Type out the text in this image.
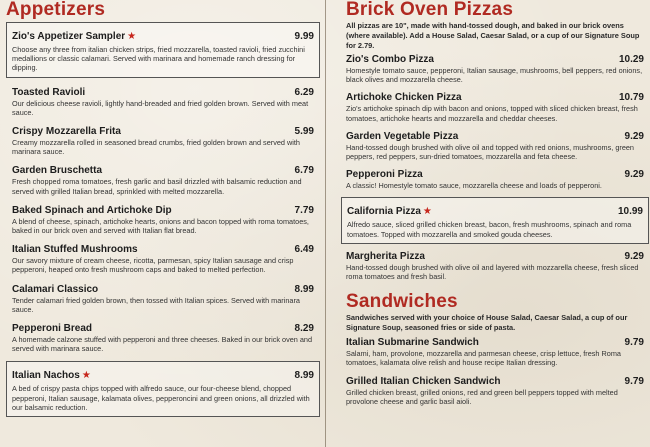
Appetizers
Zio's Appetizer Sampler ★	9.99
Choose any three from italian chicken strips, fried mozzarella, toasted ravioli, fried zucchini medallions or classic calamari. Served with marinara and homemade ranch dressing for dipping.
Toasted Ravioli	6.29
Our delicious cheese ravioli, lightly hand-breaded and fried golden brown. Served with meat sauce.
Crispy Mozzarella Frita	5.99
Creamy mozzarella rolled in seasoned bread crumbs, fried golden brown and served with marinara sauce.
Garden Bruschetta	6.79
Fresh chopped roma tomatoes, fresh garlic and basil drizzled with balsamic reduction and served with grilled Italian bread, sprinkled with melted mozzarella.
Baked Spinach and Artichoke Dip	7.79
A blend of cheese, spinach, artichoke hearts, onions and bacon topped with roma tomatoes, baked in our brick oven and served with Italian flat bread.
Italian Stuffed Mushrooms	6.49
Our savory mixture of cream cheese, ricotta, parmesan, spicy Italian sausage and crisp pepperoni, heaped onto fresh mushroom caps and baked to melted perfection.
Calamari Classico	8.99
Tender calamari fried golden brown, then tossed with Italian spices. Served with marinara sauce.
Pepperoni Bread	8.29
A homemade calzone stuffed with pepperoni and three cheeses. Baked in our brick oven and served with marinara sauce.
Italian Nachos ★	8.99
A bed of crispy pasta chips topped with alfredo sauce, our four-cheese blend, chopped pepperoni, Italian sausage, kalamata olives, pepperoncini and green onions, all drizzled with our balsamic reduction.
Brick Oven Pizzas

All pizzas are 10", made with hand-tossed dough, and baked in our brick ovens (where available). Add a House Salad, Caesar Salad, or a cup of our Signature Soup for 2.79.

Zio's Combo Pizza	10.29
Homestyle tomato sauce, pepperoni, Italian sausage, mushrooms, bell peppers, red onions, black olives and mozzarella cheese.
Artichoke Chicken Pizza	10.79
Zio's artichoke spinach dip with bacon and onions, topped with sliced chicken breast, fresh tomatoes, artichoke hearts and mozzarella and cheddar cheeses.
Garden Vegetable Pizza	9.29
Hand-tossed dough brushed with olive oil and topped with red onions, mushrooms, green peppers, red peppers, sun-dried tomatoes, mozzarella and feta cheese.
Pepperoni Pizza	9.29
A classic! Homestyle tomato sauce, mozzarella cheese and loads of pepperoni.
California Pizza ★	10.99
Alfredo sauce, sliced grilled chicken breast, bacon, fresh mushrooms, spinach and roma tomatoes. Topped with mozzarella and smoked gouda cheeses.
Margherita Pizza	9.29
Hand-tossed dough brushed with olive oil and layered with mozzarella cheese, fresh sliced roma tomatoes and fresh basil.
Sandwiches

Sandwiches served with your choice of House Salad, Caesar Salad, a cup of our Signature Soup, seasoned fries or side of pasta.

Italian Submarine Sandwich	9.79
Salami, ham, provolone, mozzarella and parmesan cheese, crisp lettuce, fresh Roma tomatoes, kalamata olive relish and house recipe Italian dressing.
Grilled Italian Chicken Sandwich	9.79
Grilled chicken breast, grilled onions, red and green bell peppers topped with melted provolone cheese and garlic basil aioli.
